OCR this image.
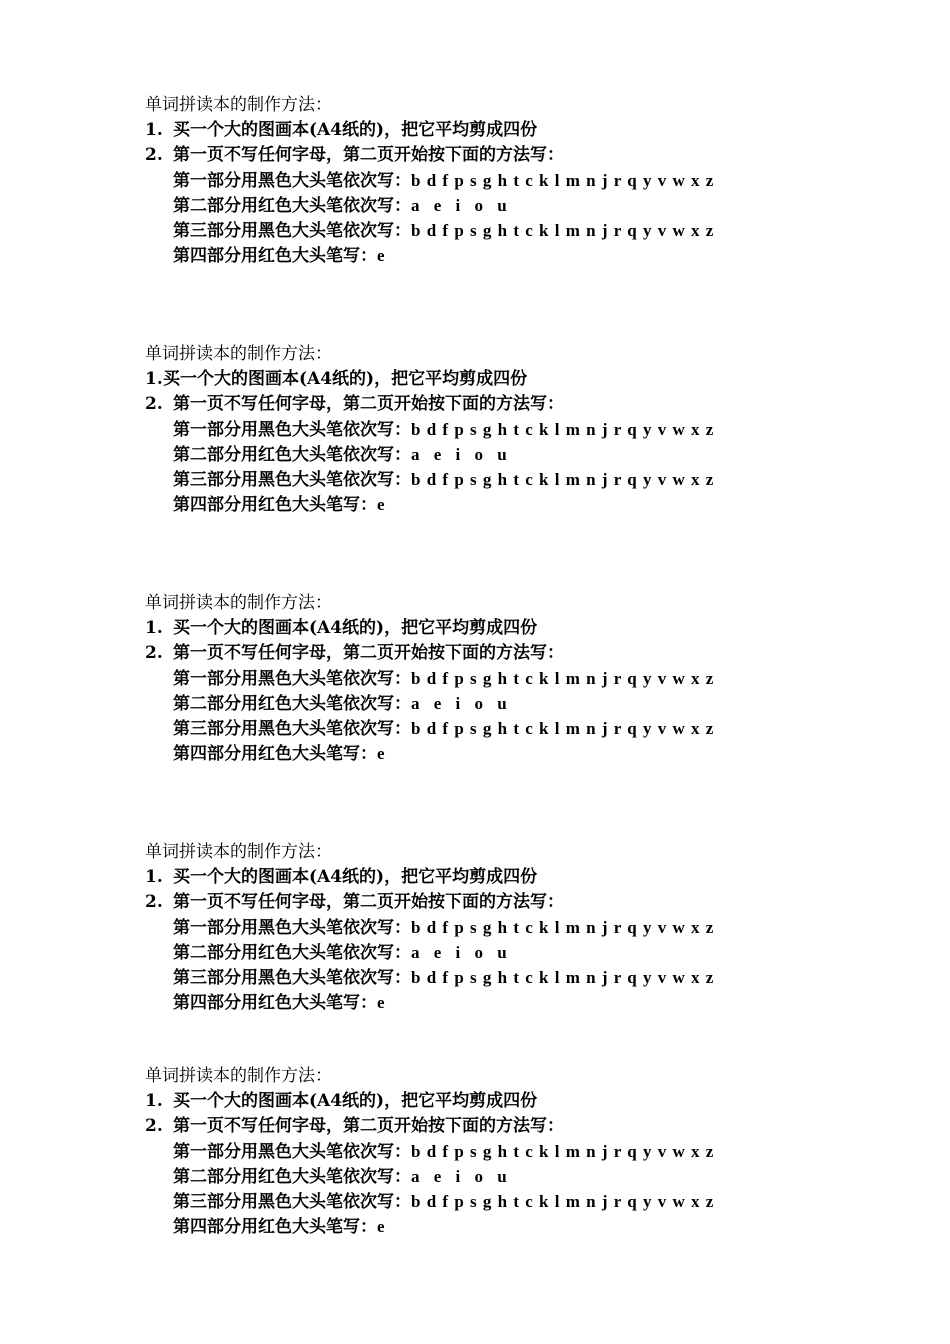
单词拼读本的制作方法：
1. 买一个大的图画本(A4纸的)，把它平均剪成四份
2. 第一页不写任何字母，第二页开始按下面的方法写：
第一部分用黑色大头笔依次写：b d f p s g h t c k l m n j r q y v w x z
第二部分用红色大头笔依次写：a e i o u
第三部分用黑色大头笔依次写：b d f p s g h t c k l m n j r q y v w x z
第四部分用红色大头笔写：e
单词拼读本的制作方法：
1.买一个大的图画本(A4纸的)，把它平均剪成四份
2. 第一页不写任何字母，第二页开始按下面的方法写：
第一部分用黑色大头笔依次写：b d f p s g h t c k l m n j r q y v w x z
第二部分用红色大头笔依次写：a e i o u
第三部分用黑色大头笔依次写：b d f p s g h t c k l m n j r q y v w x z
第四部分用红色大头笔写：e
单词拼读本的制作方法：
1. 买一个大的图画本(A4纸的)，把它平均剪成四份
2. 第一页不写任何字母，第二页开始按下面的方法写：
第一部分用黑色大头笔依次写：b d f p s g h t c k l m n j r q y v w x z
第二部分用红色大头笔依次写：a e i o u
第三部分用黑色大头笔依次写：b d f p s g h t c k l m n j r q y v w x z
第四部分用红色大头笔写：e
单词拼读本的制作方法：
1. 买一个大的图画本(A4纸的)，把它平均剪成四份
2. 第一页不写任何字母，第二页开始按下面的方法写：
第一部分用黑色大头笔依次写：b d f p s g h t c k l m n j r q y v w x z
第二部分用红色大头笔依次写：a e i o u
第三部分用黑色大头笔依次写：b d f p s g h t c k l m n j r q y v w x z
第四部分用红色大头笔写：e
单词拼读本的制作方法：
1. 买一个大的图画本(A4纸的)，把它平均剪成四份
2. 第一页不写任何字母，第二页开始按下面的方法写：
第一部分用黑色大头笔依次写：b d f p s g h t c k l m n j r q y v w x z
第二部分用红色大头笔依次写：a e i o u
第三部分用黑色大头笔依次写：b d f p s g h t c k l m n j r q y v w x z
第四部分用红色大头笔写：e
